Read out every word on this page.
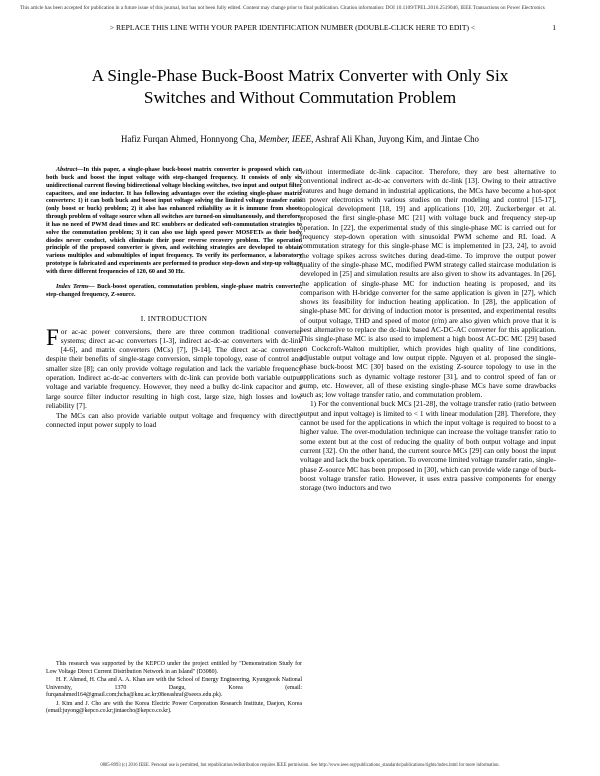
This article has been accepted for publication in a future issue of this journal, but has not been fully edited. Content may change prior to final publication. Citation information: DOI 10.1109/TPEL.2016.2519046, IEEE Transactions on Power Electronics
> REPLACE THIS LINE WITH YOUR PAPER IDENTIFICATION NUMBER (DOUBLE-CLICK HERE TO EDIT) <	1
A Single-Phase Buck-Boost Matrix Converter with Only Six Switches and Without Commutation Problem
Hafiz Furqan Ahmed, Honnyong Cha, Member, IEEE, Ashraf Ali Khan, Juyong Kim, and Jintae Cho

Abstract—In this paper, a single-phase buck-boost matrix converter is proposed which can both buck and boost the input voltage with step-changed frequency. It consists of only six unidirectional current flowing bidirectional voltage blocking switches, two input and output filter capacitors, and one inductor. It has following advantages over the existing single-phase matrix converters: 1) it can both buck and boost input voltage solving the limited voltage transfer ratio (only boost or buck) problem; 2) it also has enhanced reliability as it is immune from shoot-through problem of voltage source when all switches are turned-on simultaneously, and therefore, it has no need of PWM dead times and RC snubbers or dedicated soft-commutation strategies to solve the commutation problem; 3) it can also use high speed power MOSFETs as their body diodes never conduct, which eliminate their poor reverse recovery problem. The operation principle of the proposed converter is given, and switching strategies are developed to obtain various multiples and submultiples of input frequency. To verify its performance, a laboratory prototype is fabricated and experiments are performed to produce step-down and step-up voltage with three different frequencies of 120, 60 and 30 Hz.

Index Terms— Buck-boost operation, commutation problem, single-phase matrix converter, step-changed frequency, Z-source.

I. INTRODUCTION

For ac-ac power conversions, there are three common traditional converter systems; direct ac-ac converters [1-3], indirect ac-dc-ac converters with dc-link [4-6], and matrix converters (MCs) [7], [9-14]. The direct ac-ac converters despite their benefits of single-stage conversion, simple topology, ease of control and smaller size [8]; can only provide voltage regulation and lack the variable frequency operation. Indirect ac-dc-ac converters with dc-link can provide both variable output voltage and variable frequency. However, they need a bulky dc-link capacitor and a large source filter inductor resulting in high cost, large size, high losses and low reliability [7].

The MCs can also provide variable output voltage and frequency with directly connected input power supply to load

without intermediate dc-link capacitor. Therefore, they are best alternative to conventional indirect ac-dc-ac converters with dc-link [13]. Owing to their attractive features and huge demand in industrial applications, the MCs have become a hot-spot in power electronics with various studies on their modeling and control [15-17], topological development [18, 19] and applications [10, 20]. Zuckerberger et al. proposed the first single-phase MC [21] with voltage buck and frequency step-up operation. In [22], the experimental study of this single-phase MC is carried out for frequency step-down operation with sinusoidal PWM scheme and RL load. A commutation strategy for this single-phase MC is implemented in [23, 24], to avoid the voltage spikes across switches during dead-time. To improve the output power quality of the single-phase MC, modified PWM strategy called staircase modulation is developed in [25] and simulation results are also given to show its advantages. In [26], the application of single-phase MC for induction heating is proposed, and its comparison with H-bridge converter for the same application is given in [27], which shows its feasibility for induction heating application. In [28], the application of single-phase MC for driving of induction motor is presented, and experimental results of output voltage, THD and speed of motor (r/m) are also given which prove that it is best alternative to replace the dc-link based AC-DC-AC converter for this application. This single-phase MC is also used to implement a high boost AC-DC MC [29] based on Cockcroft-Walton multiplier, which provides high quality of line conditions, adjustable output voltage and low output ripple. Nguyen et al. proposed the single-phase buck-boost MC [30] based on the existing Z-source topology to use in the applications such as dynamic voltage restorer [31], and to control speed of fan or pump, etc. However, all of these existing single-phase MCs have some drawbacks such as; low voltage transfer ratio, and commutation problem.

1) For the conventional buck MCs [21-28], the voltage transfer ratio (ratio between output and input voltage) is limited to < 1 with linear modulation [28]. Therefore, they cannot be used for the applications in which the input voltage is required to boost to a higher value. The over-modulation technique can increase the voltage transfer ratio to some extent but at the cost of reducing the quality of both output voltage and input current [32]. On the other hand, the current source MCs [29] can only boost the input voltage and lack the buck operation. To overcome limited voltage transfer ratio, single-phase Z-source MC has been proposed in [30], which can provide wide range of buck-boost voltage transfer ratio. However, it uses extra passive components for energy storage (two inductors and two

This research was supported by the KEPCO under the project entitled by "Demonstration Study for Low Voltage Direct Current Distribution Network in an Island" (D3080).

H. F. Ahmed, H. Cha and A. A. Khan are with the School of Energy Engineering, Kyungpook National University, 1370 Daegu, Korea (email: furqanahmed164@gmail.com;hcha@knu.ac.kr;08eeashraf@seecs.edu.pk).

J. Kim and J. Cho are with the Korea Electric Power Corporation Research Institute, Daejon, Korea (email:juyong@kepco.co.kr;jintaecho@kepco.co.kr).

0885-8993 (c) 2016 IEEE. Personal use is permitted, but republication/redistribution requires IEEE permission. See http://www.ieee.org/publications_standards/publications/rights/index.html for more information.
